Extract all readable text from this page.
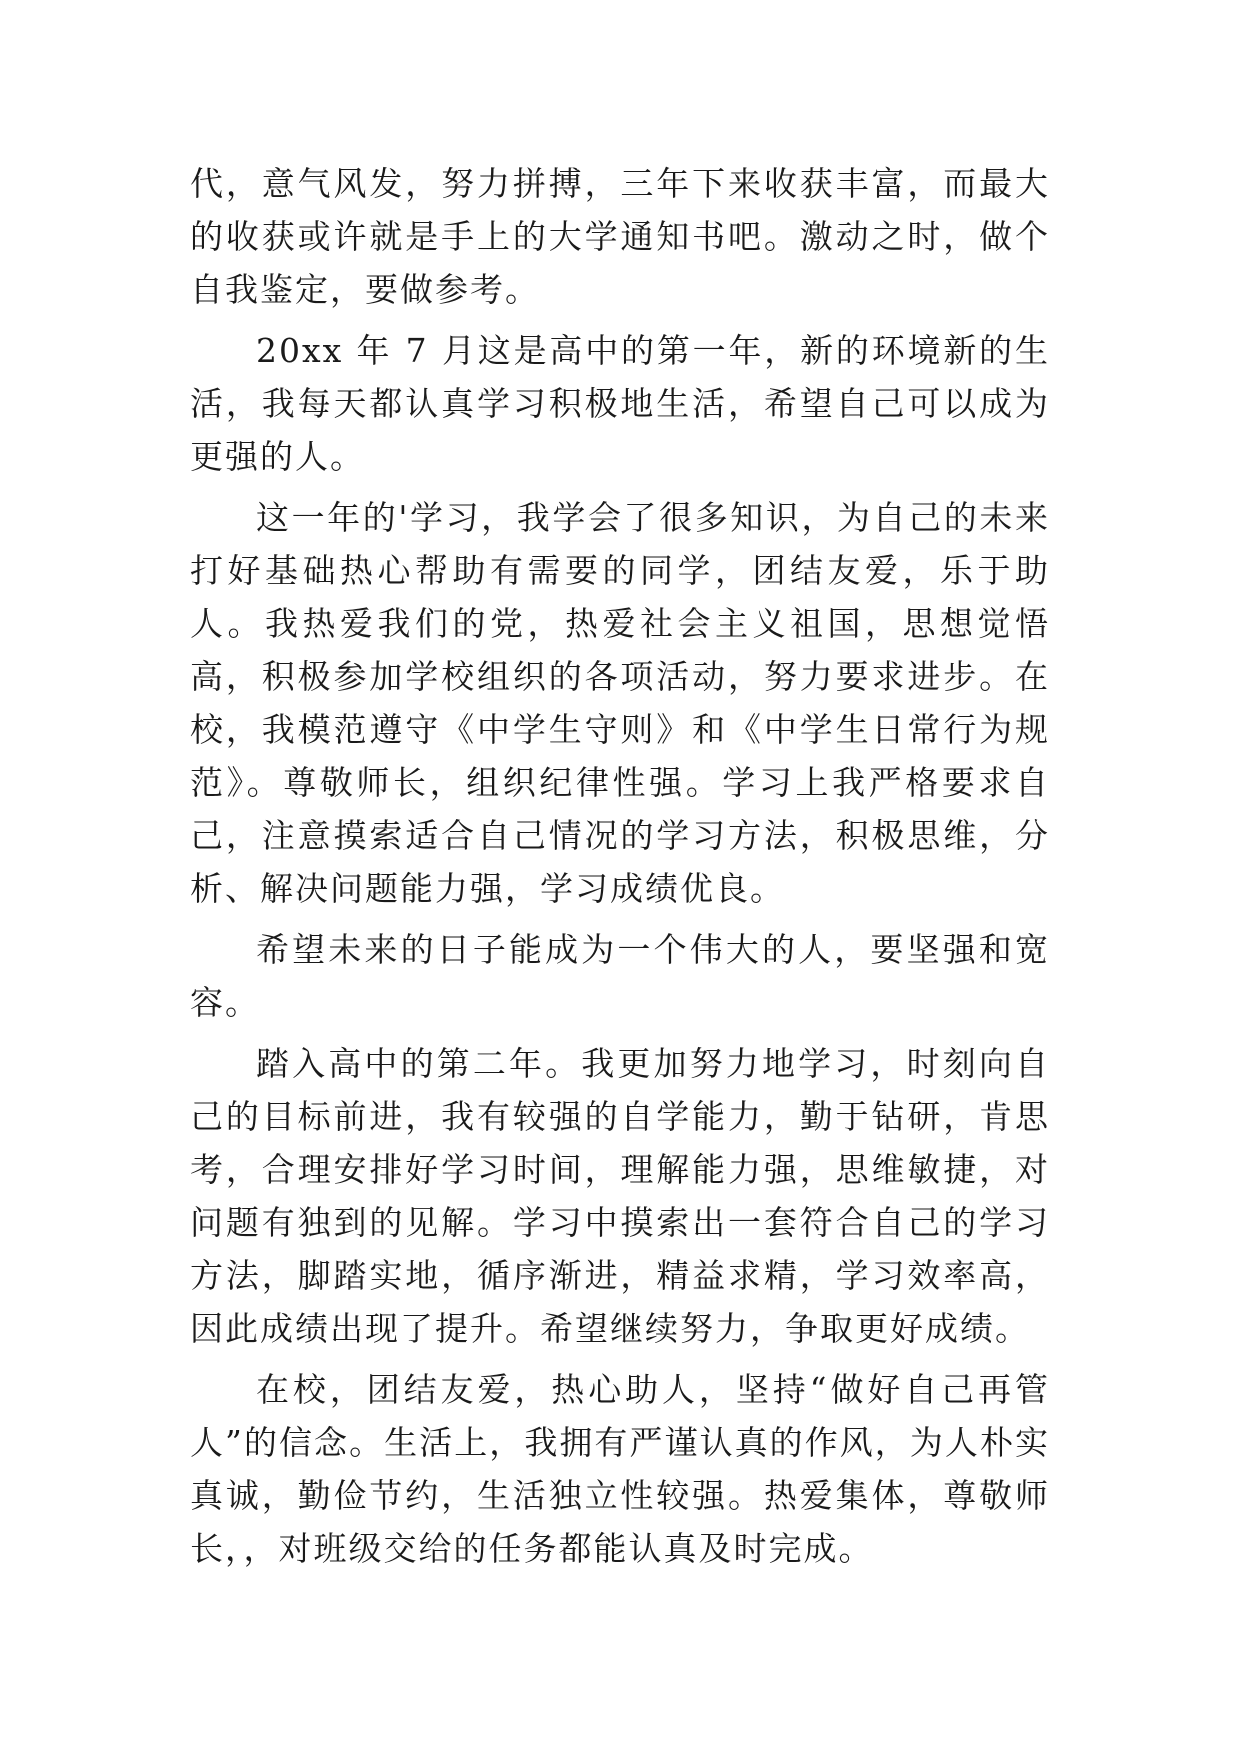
代，意气风发，努力拼搏，三年下来收获丰富，而最大的收获或许就是手上的大学通知书吧。激动之时，做个自我鉴定，要做参考。

20xx 年 7 月这是高中的第一年，新的环境新的生活，我每天都认真学习积极地生活，希望自己可以成为更强的人。

这一年的'学习，我学会了很多知识，为自己的未来打好基础热心帮助有需要的同学，团结友爱，乐于助人。我热爱我们的党，热爱社会主义祖国，思想觉悟高，积极参加学校组织的各项活动，努力要求进步。在校，我模范遵守《中学生守则》和《中学生日常行为规范》。尊敬师长，组织纪律性强。学习上我严格要求自己，注意摸索适合自己情况的学习方法，积极思维，分析、解决问题能力强，学习成绩优良。

希望未来的日子能成为一个伟大的人，要坚强和宽容。

踏入高中的第二年。我更加努力地学习，时刻向自己的目标前进，我有较强的自学能力，勤于钻研，肯思考，合理安排好学习时间，理解能力强，思维敏捷，对问题有独到的见解。学习中摸索出一套符合自己的学习方法，脚踏实地，循序渐进，精益求精，学习效率高，因此成绩出现了提升。希望继续努力，争取更好成绩。

在校，团结友爱，热心助人，坚持“做好自己再管人”的信念。生活上，我拥有严谨认真的作风，为人朴实真诚，勤俭节约，生活独立性较强。热爱集体，尊敬师长，，对班级交给的任务都能认真及时完成。
